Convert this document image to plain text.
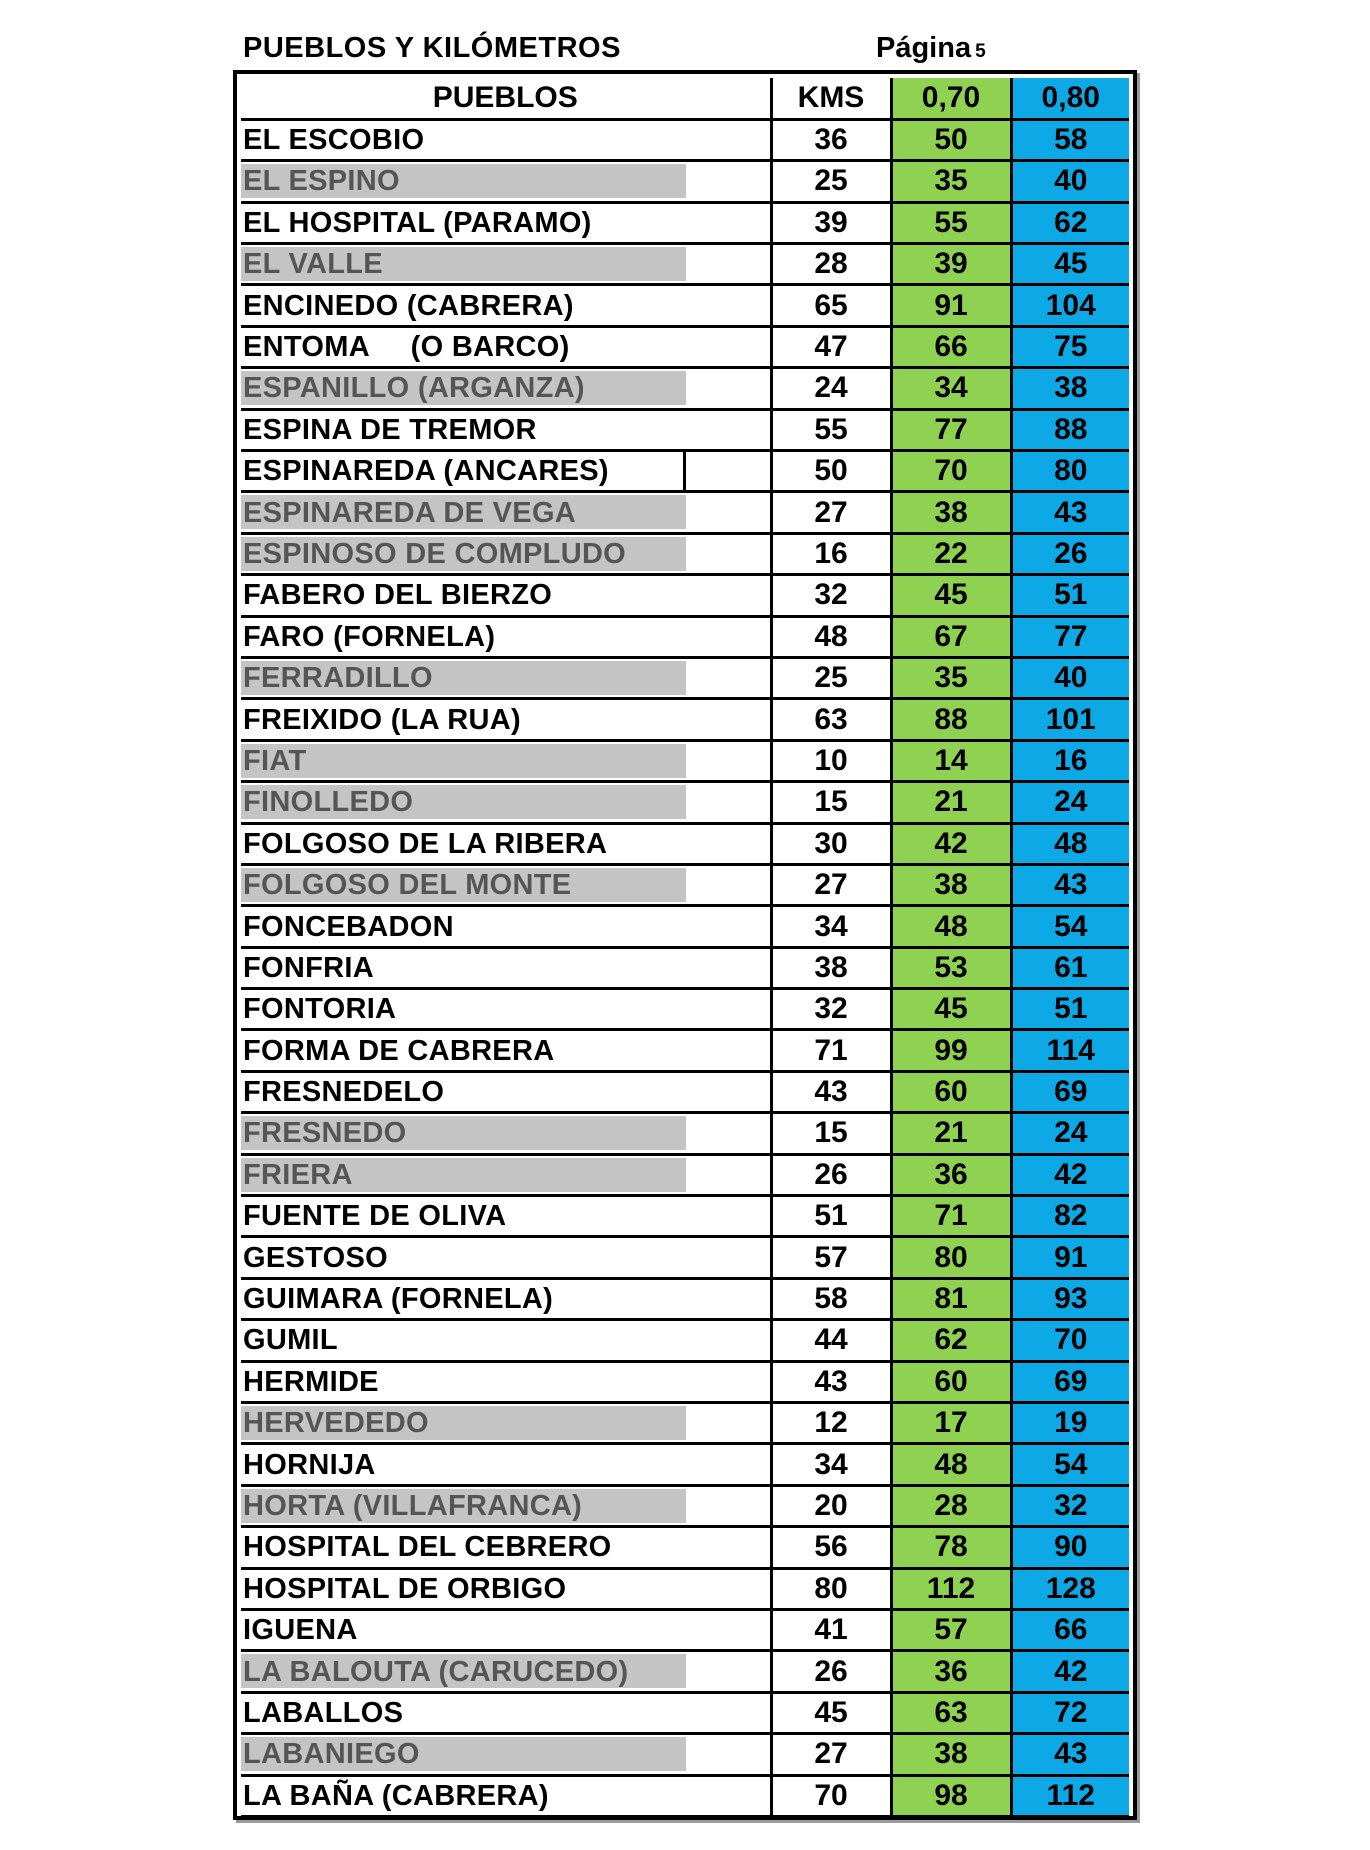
PUEBLOS Y KILÓMETROS	Página 5
PUEBLOS	KMS	0,70	0,80
EL ESCOBIO	36	50	58

EL ESPINO	25	35	40
EL HOSPITAL (PARAMO)	39	55	62

EL VALLE	28	39	45
ENCINEDO (CABRERA)	65	91	104
ENTOMA     (O BARCO)	47	66	75

ESPANILLO (ARGANZA)	24	34	38
ESPINA DE TREMOR	55	77	88

ESPINAREDA (ANCARES)	50	70	80

ESPINAREDA DE VEGA	27	38	43

ESPINOSO DE COMPLUDO	16	22	26
FABERO DEL BIERZO	32	45	51
FARO (FORNELA)	48	67	77

FERRADILLO	25	35	40
FREIXIDO (LA RUA)	63	88	101

FIAT	10	14	16

FINOLLEDO	15	21	24
FOLGOSO DE LA RIBERA	30	42	48

FOLGOSO DEL MONTE	27	38	43
FONCEBADON	34	48	54
FONFRIA	38	53	61
FONTORIA	32	45	51
FORMA DE CABRERA	71	99	114
FRESNEDELO	43	60	69

FRESNEDO	15	21	24

FRIERA	26	36	42
FUENTE DE OLIVA	51	71	82
GESTOSO	57	80	91
GUIMARA (FORNELA)	58	81	93
GUMIL	44	62	70
HERMIDE	43	60	69

HERVEDEDO	12	17	19
HORNIJA	34	48	54

HORTA (VILLAFRANCA)	20	28	32
HOSPITAL DEL CEBRERO	56	78	90
HOSPITAL DE ORBIGO	80	112	128
IGUENA	41	57	66

LA BALOUTA (CARUCEDO)	26	36	42
LABALLOS	45	63	72

LABANIEGO	27	38	43
LA BAÑA (CABRERA)	70	98	112
